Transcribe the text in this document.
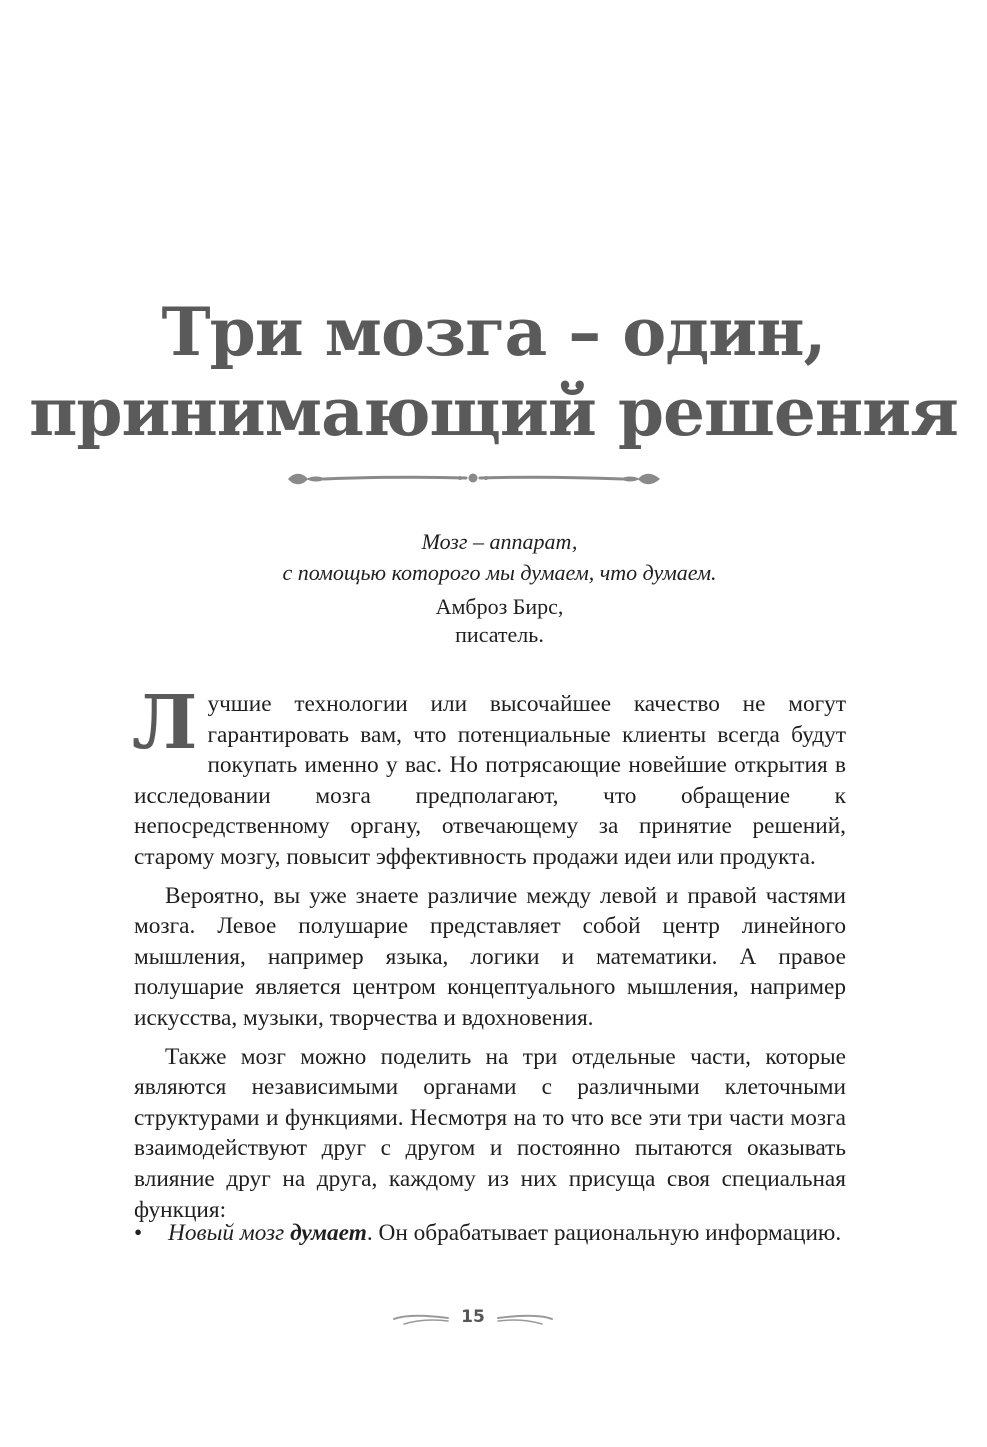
Три мозга – один,
принимающий решения
Мозг – аппарат,
с помощью которого мы думаем, что думаем.
Амброз Бирс,
писатель.

Лучшие технологии или высочайшее качество не могут гарантировать вам, что потенциальные клиенты всегда будут покупать именно у вас. Но потрясающие новейшие открытия в исследовании мозга предполагают, что обращение к непосредственному органу, отвечающему за принятие решений, старому мозгу, повысит эффективность продажи идеи или продукта.

Вероятно, вы уже знаете различие между левой и правой частями мозга. Левое полушарие представляет собой центр линейного мышления, например языка, логики и математики. А правое полушарие является центром концептуального мышления, например искусства, музыки, творчества и вдохновения.

Также мозг можно поделить на три отдельные части, которые являются независимыми органами с различными клеточными структурами и функциями. Несмотря на то что все эти три части мозга взаимодействуют друг с другом и постоянно пытаются оказывать влияние друг на друга, каждому из них присуща своя специальная функция:

•	Новый мозг думает. Он обрабатывает рациональную информацию.
15
